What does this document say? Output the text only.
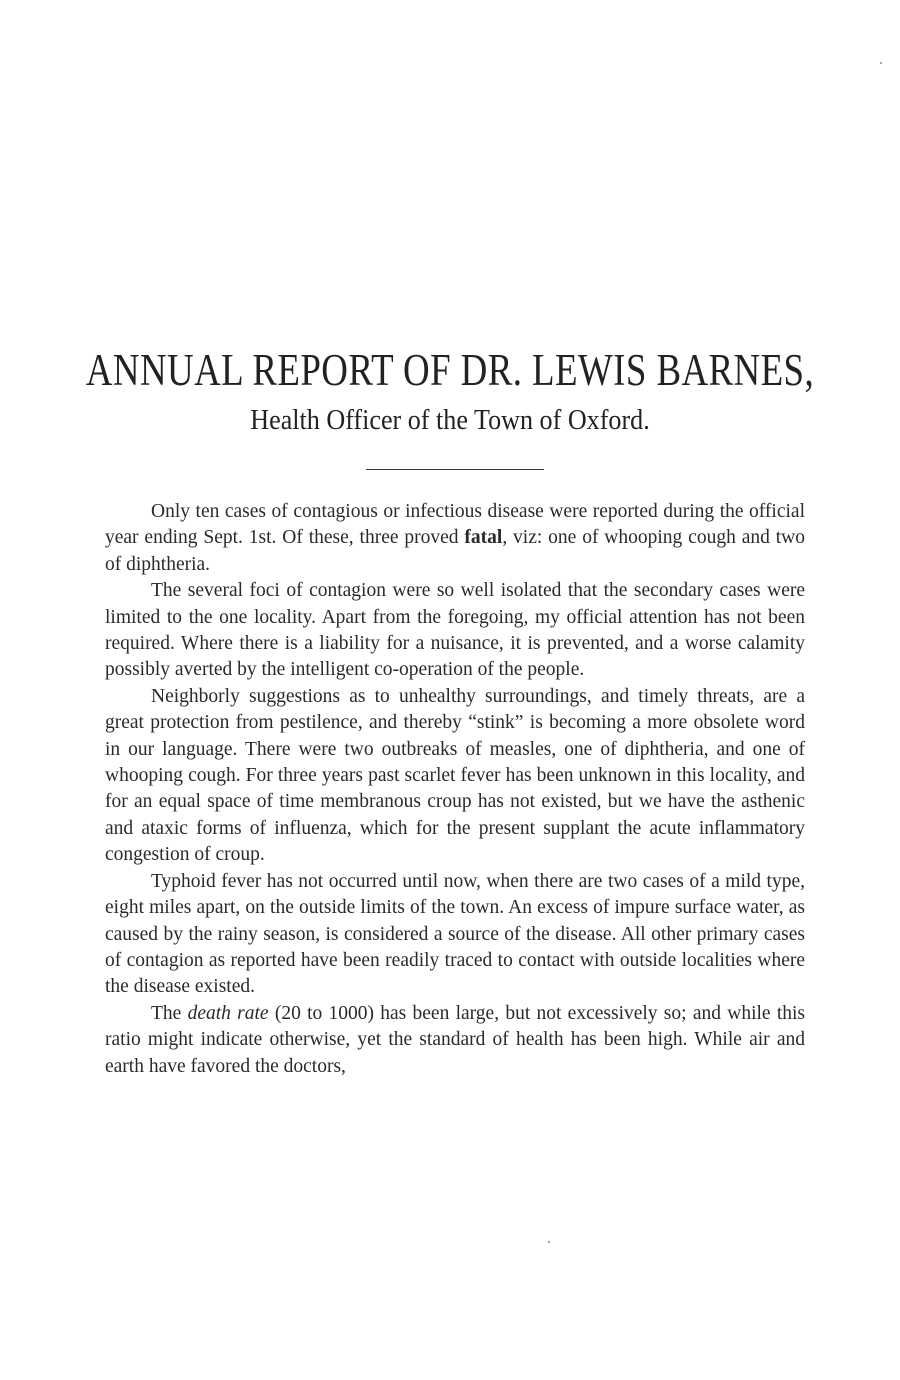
ANNUAL REPORT OF DR. LEWIS BARNES,
Health Officer of the Town of Oxford.

Only ten cases of contagious or infectious disease were reported during the official year ending Sept. 1st. Of these, three proved fatal, viz: one of whooping cough and two of diphtheria.

The several foci of contagion were so well isolated that the secondary cases were limited to the one locality. Apart from the foregoing, my official attention has not been required. Where there is a liability for a nuisance, it is prevented, and a worse calamity possibly averted by the intelligent co-operation of the people.

Neighborly suggestions as to unhealthy surroundings, and timely threats, are a great protection from pestilence, and thereby “stink” is becoming a more obsolete word in our language. There were two outbreaks of measles, one of diphtheria, and one of whooping cough. For three years past scarlet fever has been unknown in this locality, and for an equal space of time membranous croup has not existed, but we have the asthenic and ataxic forms of influenza, which for the present supplant the acute inflammatory congestion of croup.

Typhoid fever has not occurred until now, when there are two cases of a mild type, eight miles apart, on the outside limits of the town. An excess of impure surface water, as caused by the rainy season, is considered a source of the disease. All other primary cases of contagion as reported have been readily traced to contact with outside localities where the disease existed.

The death rate (20 to 1000) has been large, but not excessively so; and while this ratio might indicate otherwise, yet the standard of health has been high. While air and earth have favored the doctors,
